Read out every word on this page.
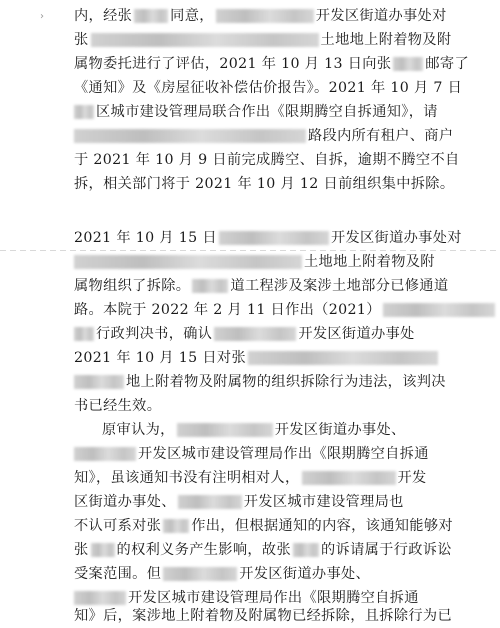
›	内，经张	同意，	开发区街道办事处对
张	土地地上附着物及附
属物委托进行了评估，2021 年 10 月 13 日向张 邮寄了
《通知》及《房屋征收补偿估价报告》。2021 年 10 月 7 日
区城市建设管理局联合作出《限期腾空自拆通知》，请
路段内所有租户、商户
于 2021 年 10 月 9 日前完成腾空、自拆，逾期不腾空不自
拆，相关部门将于 2021 年 10 月 12 日前组织集中拆除。
2021 年 10 月 15 日	开发区街道办事处对
土地地上附着物及附
属物组织了拆除。	道工程涉及案涉土地部分已修通道
路。本院于 2022 年 2 月 11 日作出（2021）
行政判决书，确认	开发区街道办事处
2021 年 10 月 15 日对张
地上附着物及附属物的组织拆除行为违法，该判决
书已经生效。
原审认为，	开发区街道办事处、
开发区城市建设管理局作出《限期腾空自拆通
知》，虽该通知书没有注明相对人，	开发
区街道办事处、	开发区城市建设管理局也
不认可系对张 作出，但根据通知的内容，该通知能够对
张 的权利义务产生影响，故张 的诉请属于行政诉讼
受案范围。但	开发区街道办事处、
开发区城市建设管理局作出《限期腾空自拆通
知》后，案涉地上附着物及附属物已经拆除，且拆除行为已
